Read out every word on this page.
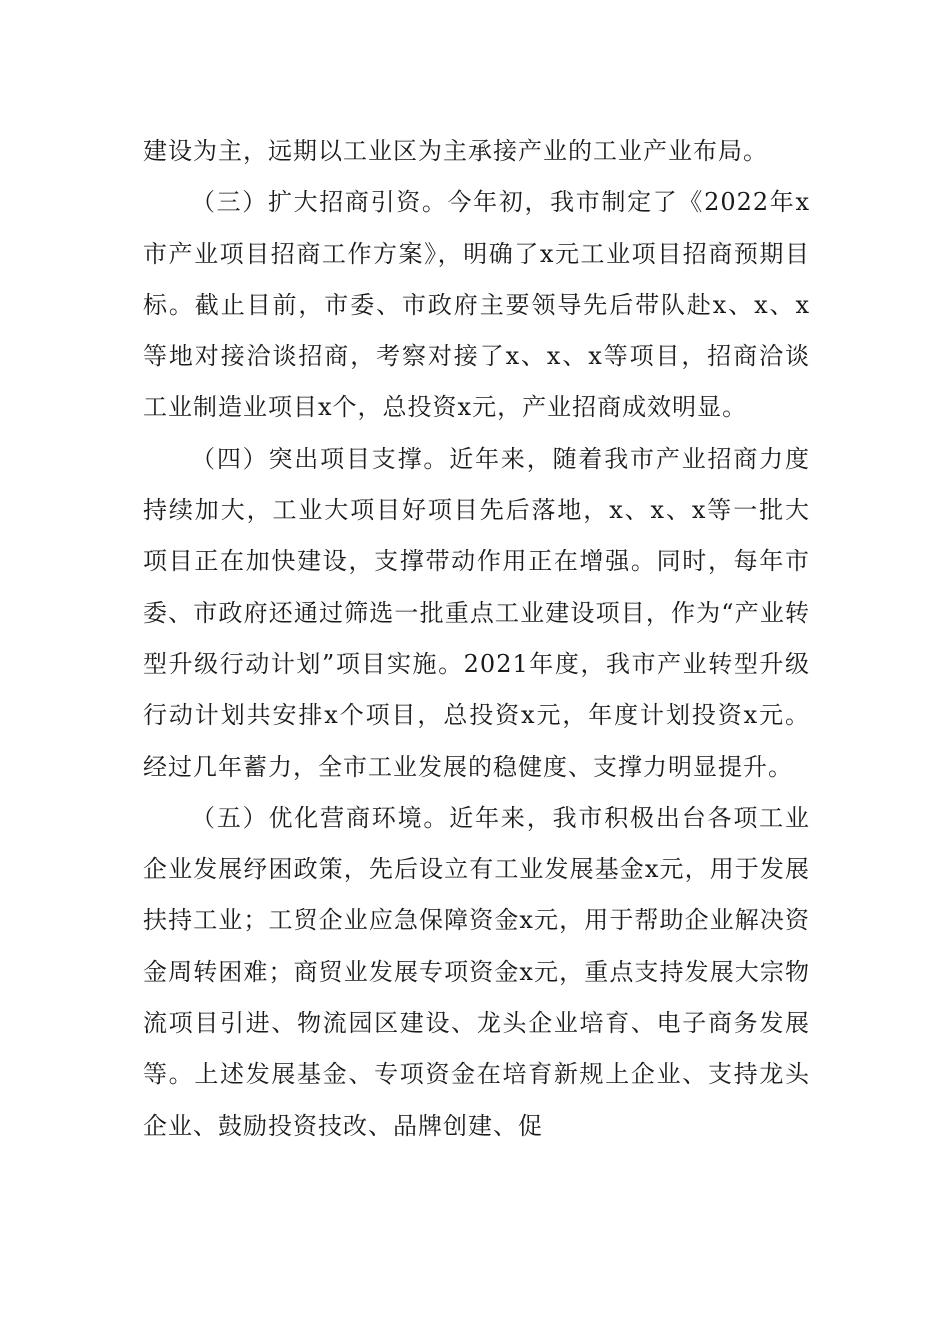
建设为主，远期以工业区为主承接产业的工业产业布局。

（三）扩大招商引资。今年初，我市制定了《2022年x市产业项目招商工作方案》，明确了x元工业项目招商预期目标。截止目前，市委、市政府主要领导先后带队赴x、x、x等地对接洽谈招商，考察对接了x、x、x等项目，招商洽谈工业制造业项目x个，总投资x元，产业招商成效明显。

（四）突出项目支撑。近年来，随着我市产业招商力度持续加大，工业大项目好项目先后落地，x、x、x等一批大项目正在加快建设，支撑带动作用正在增强。同时，每年市委、市政府还通过筛选一批重点工业建设项目，作为“产业转型升级行动计划”项目实施。2021年度，我市产业转型升级行动计划共安排x个项目，总投资x元，年度计划投资x元。经过几年蓄力，全市工业发展的稳健度、支撑力明显提升。

（五）优化营商环境。近年来，我市积极出台各项工业企业发展纾困政策，先后设立有工业发展基金x元，用于发展扶持工业；工贸企业应急保障资金x元，用于帮助企业解决资金周转困难；商贸业发展专项资金x元，重点支持发展大宗物流项目引进、物流园区建设、龙头企业培育、电子商务发展等。上述发展基金、专项资金在培育新规上企业、支持龙头企业、鼓励投资技改、品牌创建、促
